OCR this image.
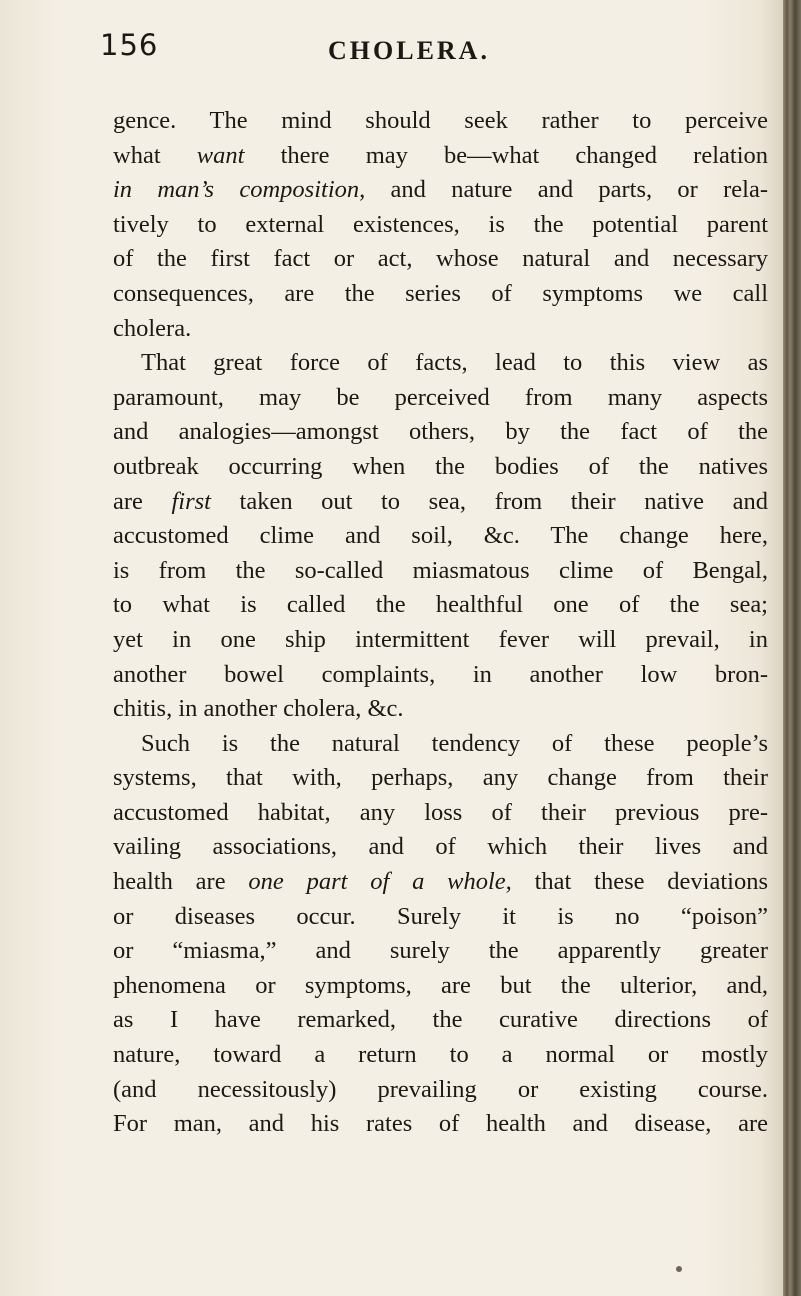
156	CHOLERA.
gence. The mind should seek rather to perceive
what want there may be—what changed relation
in man’s composition, and nature and parts, or rela-
tively to external existences, is the potential parent
of the first fact or act, whose natural and necessary
consequences, are the series of symptoms we call
cholera.
That great force of facts, lead to this view as
paramount, may be perceived from many aspects
and analogies—amongst others, by the fact of the
outbreak occurring when the bodies of the natives
are first taken out to sea, from their native and
accustomed clime and soil, &c. The change here,
is from the so-called miasmatous clime of Bengal,
to what is called the healthful one of the sea;
yet in one ship intermittent fever will prevail, in
another bowel complaints, in another low bron-
chitis, in another cholera, &c.
Such is the natural tendency of these people’s
systems, that with, perhaps, any change from their
accustomed habitat, any loss of their previous pre-
vailing associations, and of which their lives and
health are one part of a whole, that these deviations
or diseases occur. Surely it is no “poison”
or “miasma,” and surely the apparently greater
phenomena or symptoms, are but the ulterior, and,
as I have remarked, the curative directions of
nature, toward a return to a normal or mostly
(and necessitously) prevailing or existing course.
For man, and his rates of health and disease, are
